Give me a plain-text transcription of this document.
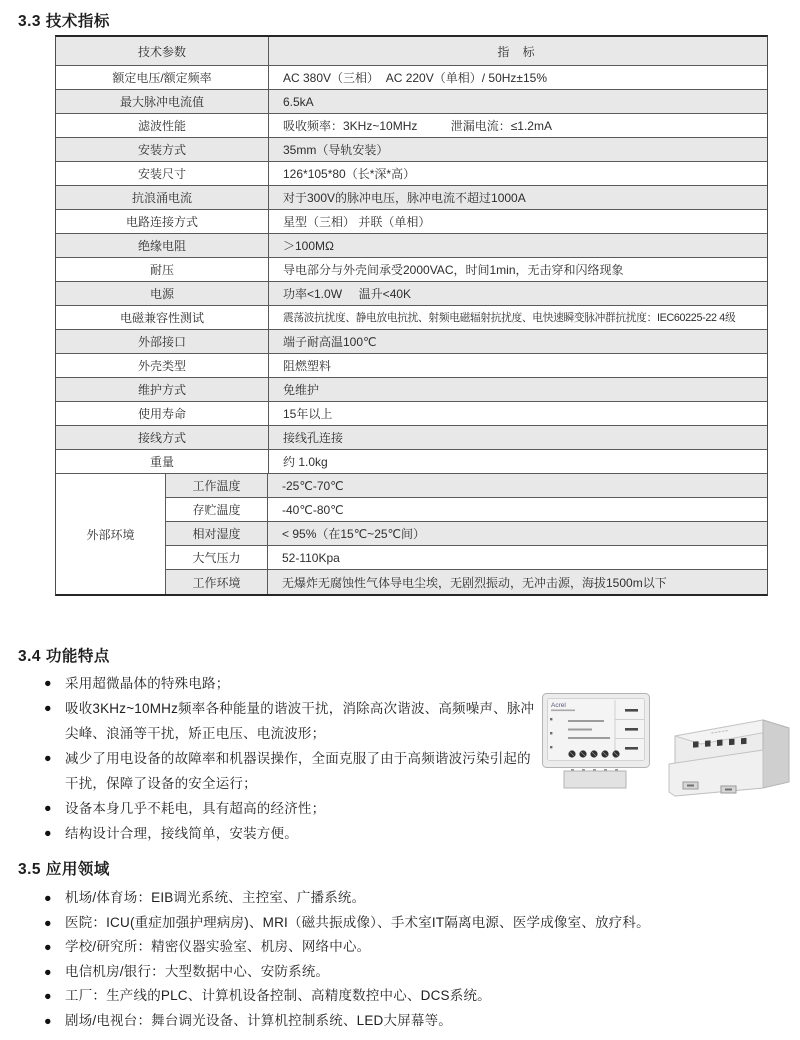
3.3 技术指标
技术参数	指    标
额定电压/额定频率	AC 380V（三相）  AC 220V（单相）/ 50Hz±15%
最大脉冲电流值	6.5kA
滤波性能	吸收频率：3KHz~10MHz          泄漏电流：≤1.2mA
安装方式	35mm（导轨安装）
安装尺寸	126*105*80（长*深*高）
抗浪涌电流	对于300V的脉冲电压，脉冲电流不超过1000A
电路连接方式	星型（三相） 并联（单相）
绝缘电阻	＞100MΩ
耐压	导电部分与外壳间承受2000VAC，时间1min，无击穿和闪络现象
电源	功率<1.0W     温升<40K
电磁兼容性测试	震荡波抗扰度、静电放电抗扰、射频电磁辐射抗扰度、电快速瞬变脉冲群抗扰度：IEC60225-22 4级
外部接口	端子耐高温100℃
外壳类型	阻燃塑料
维护方式	免维护
使用寿命	15年以上
接线方式	接线孔连接
重量	约 1.0kg
外部环境
工作温度	-25℃-70℃
存贮温度	-40℃-80℃
相对湿度	< 95%（在15℃~25℃间）
大气压力	52-110Kpa
工作环境	无爆炸无腐蚀性气体导电尘埃，无剧烈振动，无冲击源，海拔1500m以下
3.4 功能特点
● 采用超微晶体的特殊电路；
● 吸收3KHz~10MHz频率各种能量的谐波干扰，消除高次谐波、高频噪声、脉冲尖峰、浪涌等干扰，矫正电压、电流波形；
● 减少了用电设备的故障率和机器误操作，全面克服了由于高频谐波污染引起的干扰，保障了设备的安全运行；
● 设备本身几乎不耗电，具有超高的经济性；
● 结构设计合理，接线简单，安装方便。
Acrel
⌁⌁⌁⌁⌁
3.5 应用领域
● 机场/体育场：EIB调光系统、主控室、广播系统。
● 医院：ICU(重症加强护理病房)、MRI（磁共振成像）、手术室IT隔离电源、医学成像室、放疗科。
● 学校/研究所：精密仪器实验室、机房、网络中心。
● 电信机房/银行：大型数据中心、安防系统。
● 工厂：生产线的PLC、计算机设备控制、高精度数控中心、DCS系统。
● 剧场/电视台：舞台调光设备、计算机控制系统、LED大屏幕等。
